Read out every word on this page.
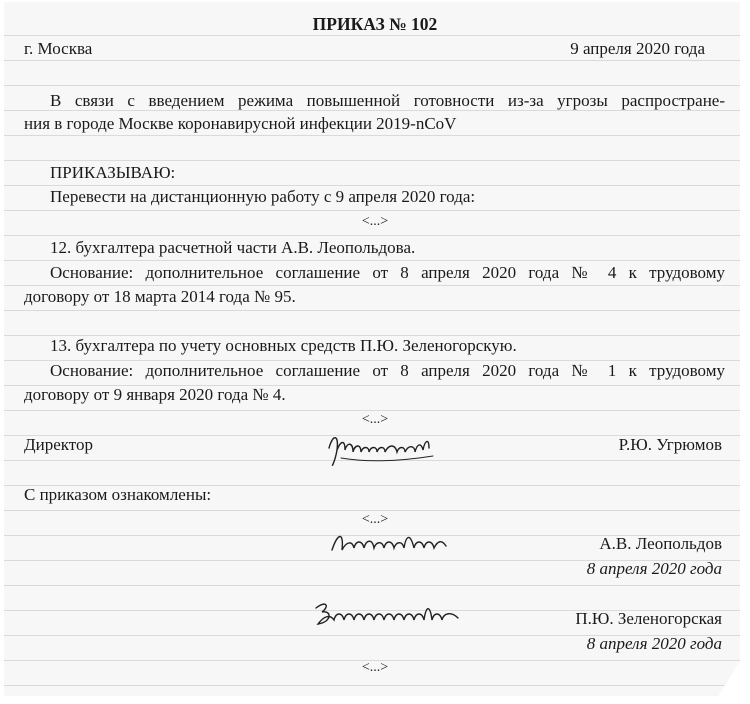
ПРИКАЗ № 102
г. Москва	9 апреля 2020 года
В связи с введением режима повышенной готовности из-за угрозы распростране-
ния в городе Москве коронавирусной инфекции 2019-nCoV
ПРИКАЗЫВАЮ:
Перевести на дистанционную работу с 9 апреля 2020 года:
<...>
12. бухгалтера расчетной части А.В. Леопольдова.
Основание: дополнительное соглашение от 8 апреля 2020 года № 4 к трудовому
договору от 18 марта 2014 года № 95.
13. бухгалтера по учету основных средств П.Ю. Зеленогорскую.
Основание: дополнительное соглашение от 8 апреля 2020 года № 1 к трудовому
договору от 9 января 2020 года № 4.
<...>
Директор	Р.Ю. Угрюмов
С приказом ознакомлены:
<...>
А.В. Леопольдов
8 апреля 2020 года
П.Ю. Зеленогорская
8 апреля 2020 года
<...>
